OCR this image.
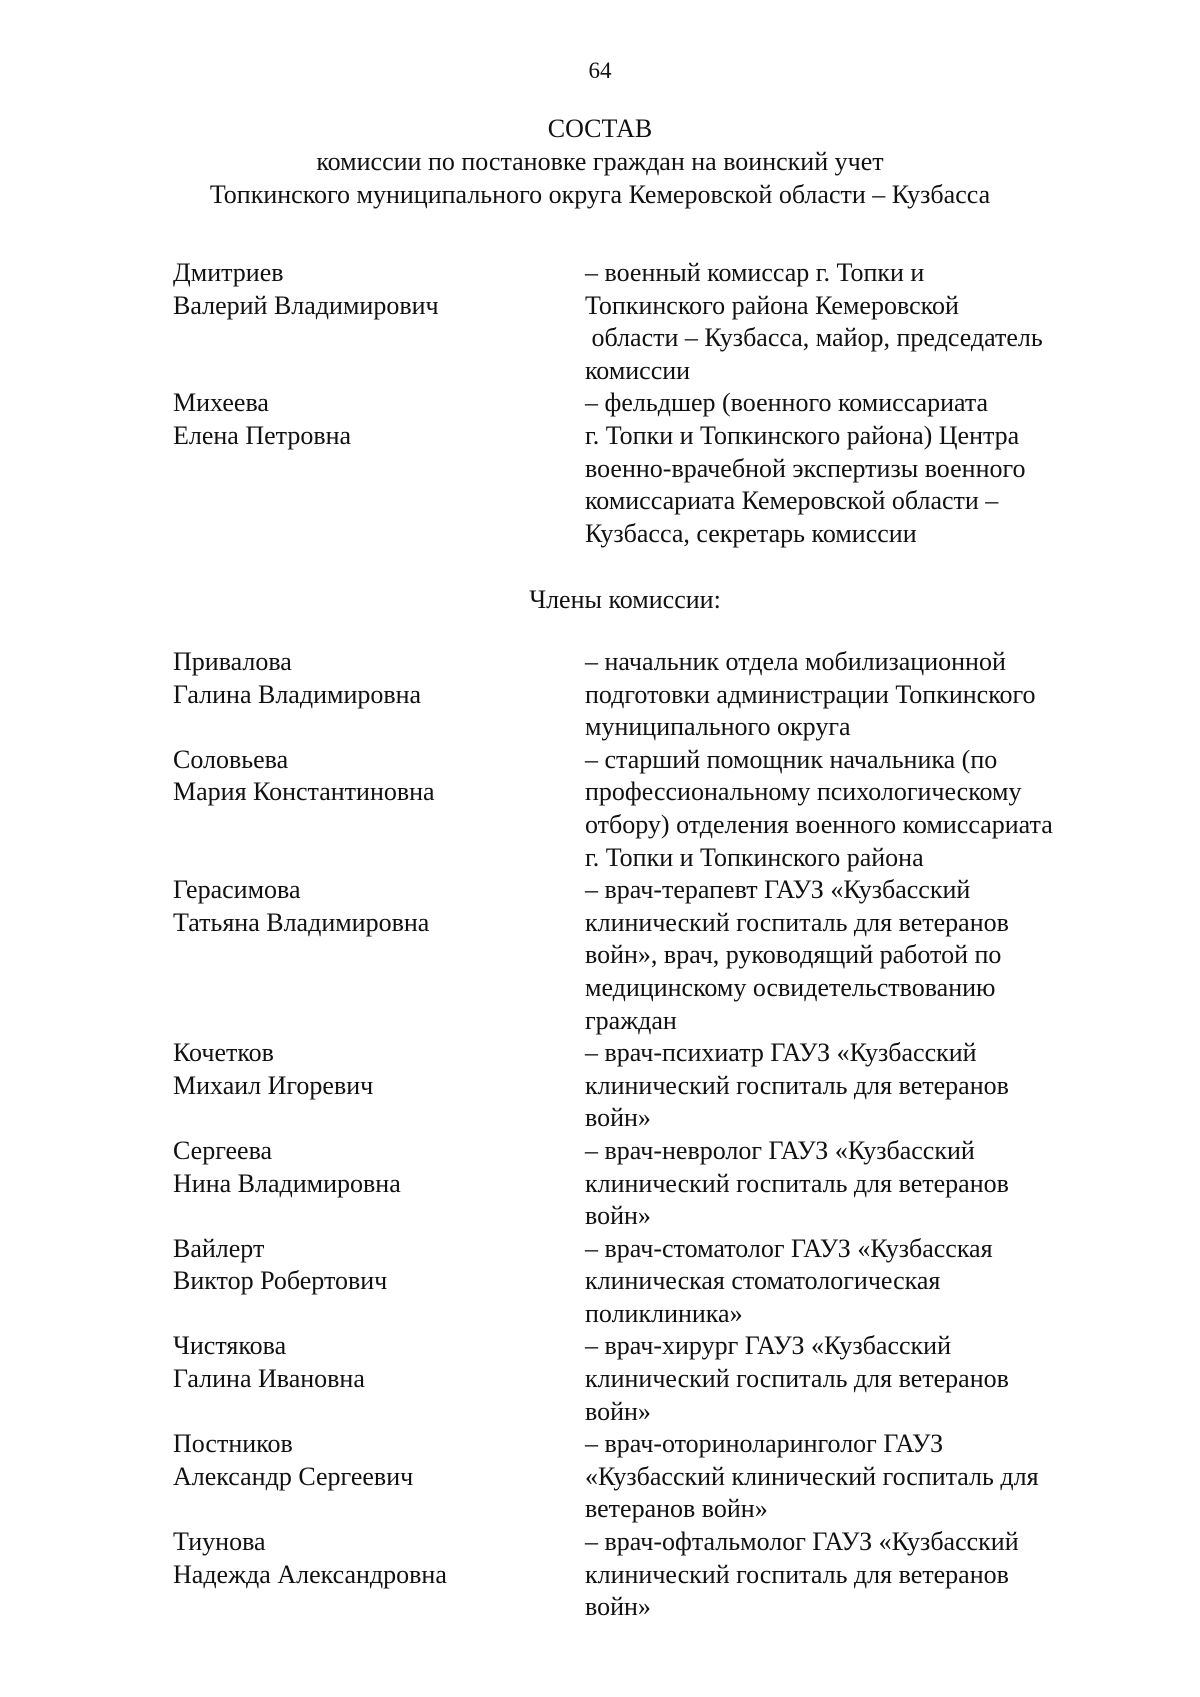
64
СОСТАВ
комиссии по постановке граждан на воинский учет
Топкинского муниципального округа Кемеровской области – Кузбасса
Дмитриев
Валерий Владимирович
– военный комиссар г. Топки и
Топкинского района Кемеровской
области – Кузбасса, майор, председатель
комиссии
Михеева
Елена Петровна
– фельдшер (военного комиссариата
г. Топки и Топкинского района) Центра
военно-врачебной экспертизы военного
комиссариата Кемеровской области –
Кузбасса, секретарь комиссии
Члены комиссии:
Привалова
Галина Владимировна
– начальник отдела мобилизационной
подготовки администрации Топкинского
муниципального округа
Соловьева
Мария Константиновна
– старший помощник начальника (по
профессиональному психологическому
отбору) отделения военного комиссариата
г. Топки и Топкинского района
Герасимова
Татьяна Владимировна
– врач-терапевт ГАУЗ «Кузбасский
клинический госпиталь для ветеранов
войн», врач, руководящий работой по
медицинскому освидетельствованию
граждан
Кочетков
Михаил Игоревич
– врач-психиатр ГАУЗ «Кузбасский
клинический госпиталь для ветеранов
войн»
Сергеева
Нина Владимировна
– врач-невролог ГАУЗ «Кузбасский
клинический госпиталь для ветеранов
войн»
Вайлерт
Виктор Робертович
– врач-стоматолог ГАУЗ «Кузбасская
клиническая стоматологическая
поликлиника»
Чистякова
Галина Ивановна
– врач-хирург ГАУЗ «Кузбасский
клинический госпиталь для ветеранов
войн»
Постников
Александр Сергеевич
– врач-оториноларинголог ГАУЗ
«Кузбасский клинический госпиталь для
ветеранов войн»
Тиунова
Надежда Александровна
– врач-офтальмолог ГАУЗ «Кузбасский
клинический госпиталь для ветеранов
войн»
